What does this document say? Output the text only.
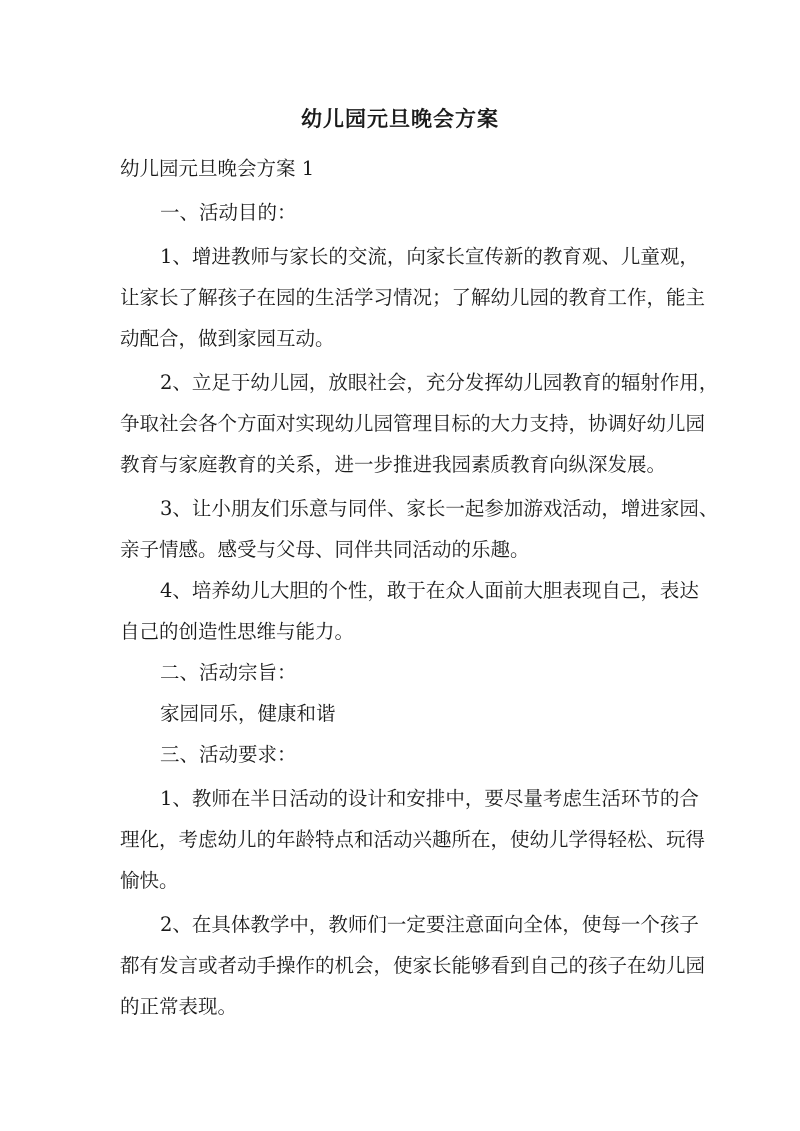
幼儿园元旦晚会方案
幼儿园元旦晚会方案 1
一、活动目的：
1、增进教师与家长的交流，向家长宣传新的教育观、儿童观，
让家长了解孩子在园的生活学习情况；了解幼儿园的教育工作，能主
动配合，做到家园互动。
2、立足于幼儿园，放眼社会，充分发挥幼儿园教育的辐射作用，
争取社会各个方面对实现幼儿园管理目标的大力支持，协调好幼儿园
教育与家庭教育的关系，进一步推进我园素质教育向纵深发展。
3、让小朋友们乐意与同伴、家长一起参加游戏活动，增进家园、
亲子情感。感受与父母、同伴共同活动的乐趣。
4、培养幼儿大胆的个性，敢于在众人面前大胆表现自己，表达
自己的创造性思维与能力。
二、活动宗旨：
家园同乐，健康和谐
三、活动要求：
1、教师在半日活动的设计和安排中，要尽量考虑生活环节的合
理化，考虑幼儿的年龄特点和活动兴趣所在，使幼儿学得轻松、玩得
愉快。
2、在具体教学中，教师们一定要注意面向全体，使每一个孩子
都有发言或者动手操作的机会，使家长能够看到自己的孩子在幼儿园
的正常表现。
